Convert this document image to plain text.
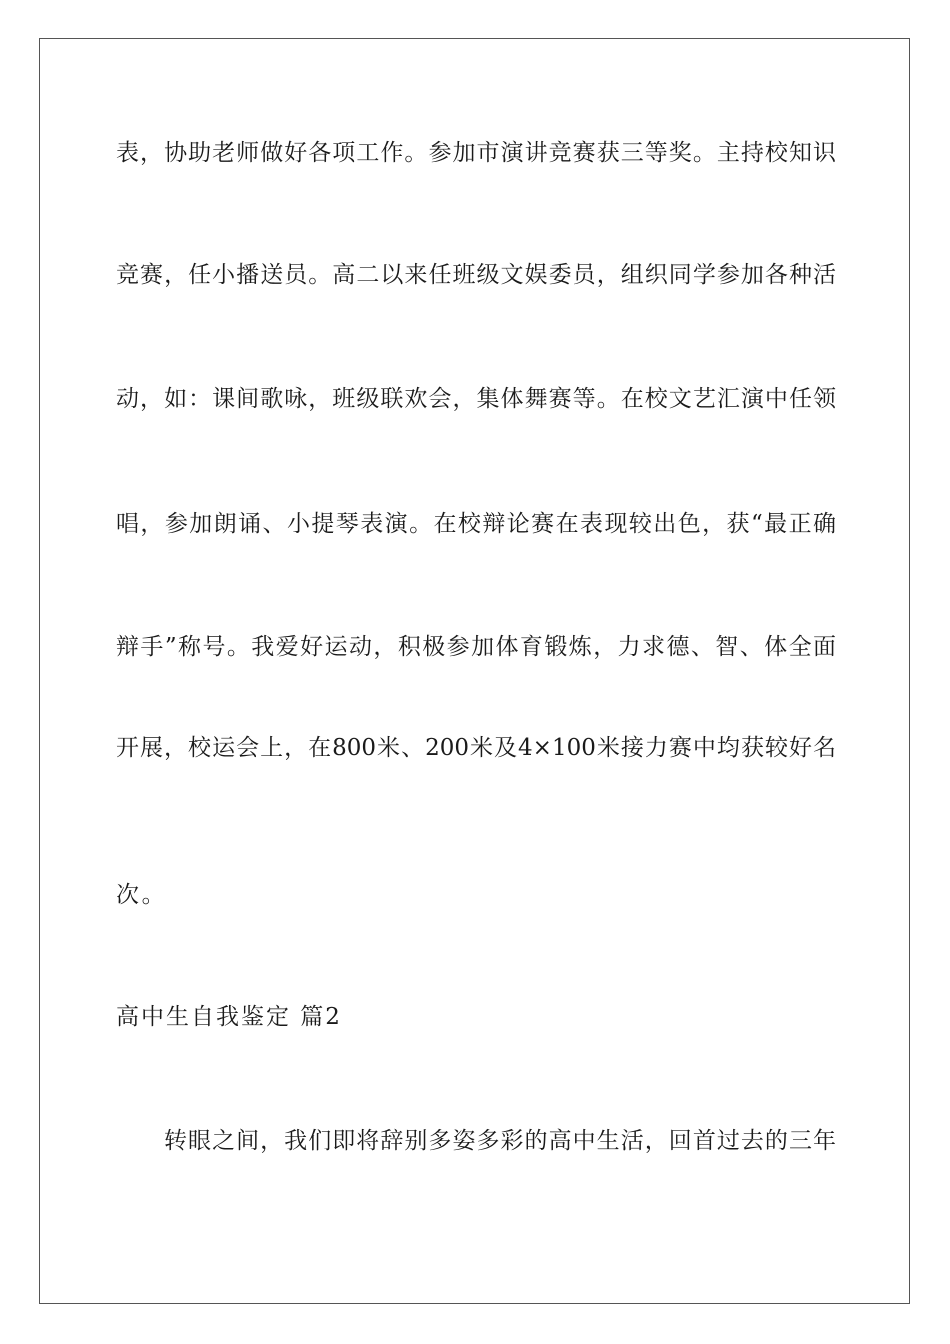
表，协助老师做好各项工作。参加市演讲竞赛获三等奖。主持校知识
竞赛，任小播送员。高二以来任班级文娱委员，组织同学参加各种活
动，如：课间歌咏，班级联欢会，集体舞赛等。在校文艺汇演中任领
唱，参加朗诵、小提琴表演。在校辩论赛在表现较出色，获“最正确
辩手”称号。我爱好运动，积极参加体育锻炼，力求德、智、体全面
开展，校运会上，在800米、200米及4×100米接力赛中均获较好名
次。
高中生自我鉴定 篇2
转眼之间，我们即将辞别多姿多彩的高中生活，回首过去的三年
